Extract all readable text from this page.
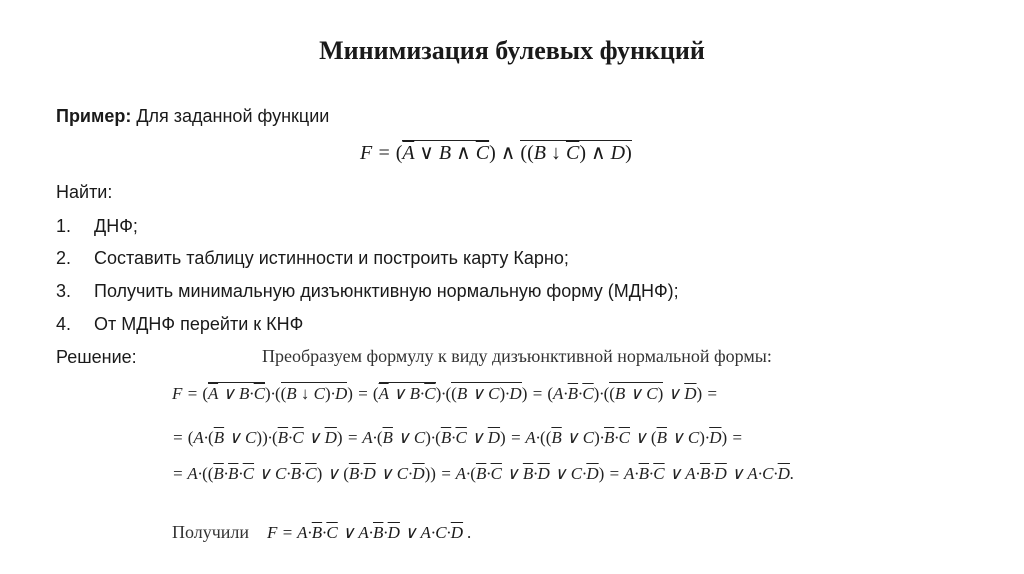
Минимизация булевых функций
Пример: Для заданной функции
$F = (\overline{A}$ ∨ B ∧ $\overline{C}$) ∧ ((B ↓ $\overline{C}$) ∧ D)
Найти:
1. ДНФ;
2. Составить таблицу истинности и построить карту Карно;
3. Получить минимальную дизъюнктивную нормальную форму (МДНФ);
4. От МДНФ перейти к КНФ
Решение:	Преобразуем формулу к виду дизъюнктивной нормальной формы:
$F = (\overline{A}$ ∨ $B\cdot\overline{C})\cdot((B$ ↓ $C)\cdot D) = (\overline{A}$ ∨ $B\cdot\overline{C})\cdot((B$ ∨ $C)\cdot D) = (A\cdot\overline{B}\cdot\overline{C})\cdot((B$ ∨ C) ∨ $\overline{D}$) =
= ($A\cdot(\overline{B}$ ∨ $C))\cdot(\overline{B}\cdot\overline{C}$ ∨ $\overline{D}) = A\cdot(\overline{B}$ ∨ $C)\cdot(\overline{B}\cdot\overline{C}$ ∨ $\overline{D}) = A\cdot((\overline{B}$ ∨ $C)\cdot\overline{B}\cdot\overline{C}$ ∨ ($\overline{B}$ ∨ $C)\cdot\overline{D}$) =
= $A\cdot((\overline{B}\cdot\overline{B}\cdot\overline{C}$ ∨ $C\cdot\overline{B}\cdot\overline{C}$) ∨ ($\overline{B}\cdot\overline{D}$ ∨ $C\cdot\overline{D})) = A\cdot(\overline{B}\cdot\overline{C}$ ∨ $\overline{B}\cdot\overline{D}$ ∨ $C\cdot\overline{D}) = A\cdot\overline{B}\cdot\overline{C}$ ∨ $A\cdot\overline{B}\cdot\overline{D}$ ∨ $A\cdot C\cdot\overline{D}$.
Получили $F = A\cdot\overline{B}\cdot\overline{C}$ ∨ $A\cdot\overline{B}\cdot\overline{D}$ ∨ $A\cdot C\cdot\overline{D}$ .
